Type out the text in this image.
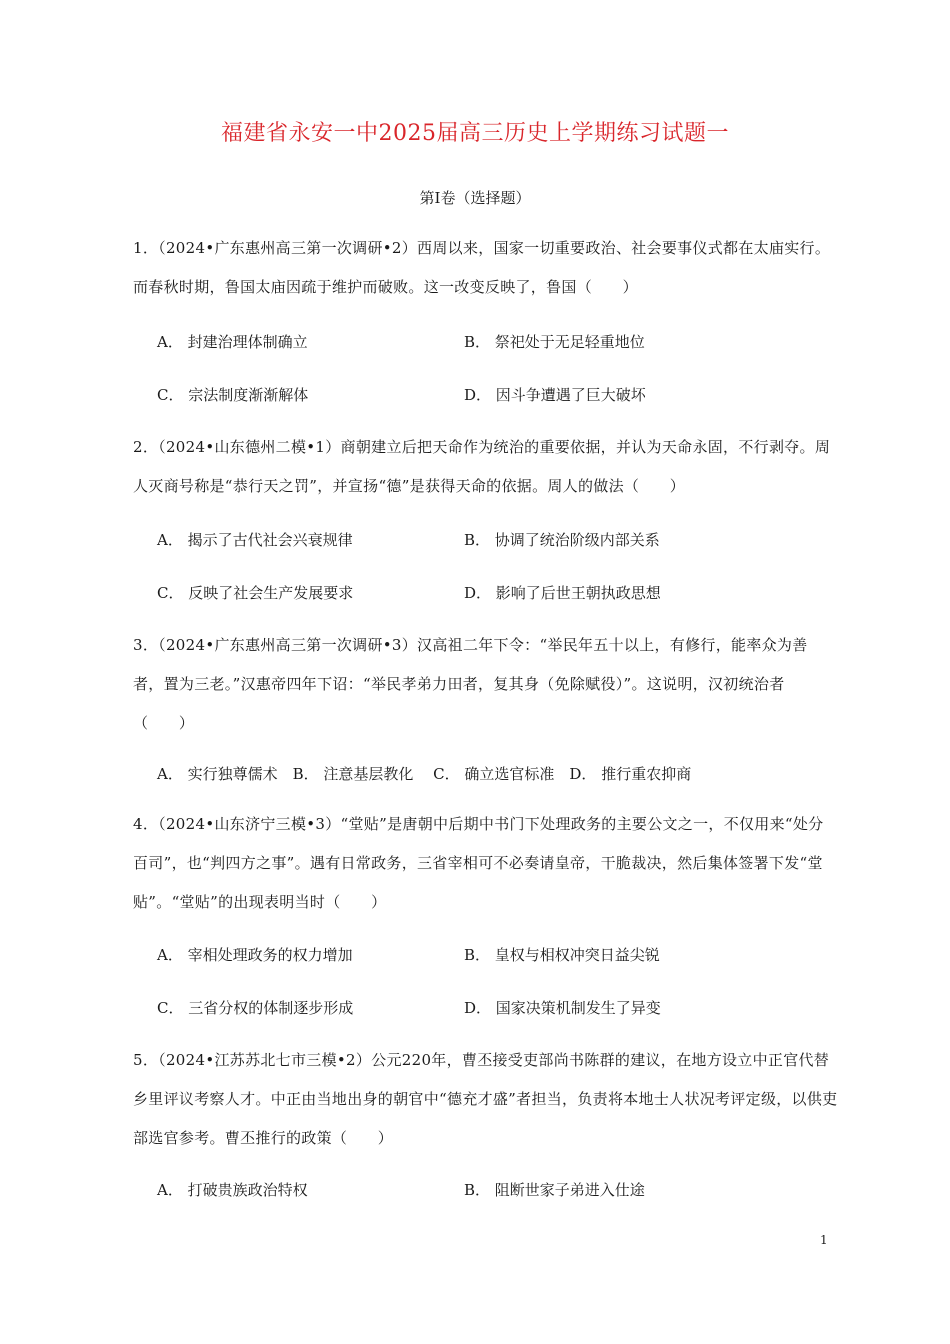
福建省永安一中2025届高三历史上学期练习试题一
第Ⅰ卷（选择题）
1．（2024•广东惠州高三第一次调研•2）西周以来，国家一切重要政治、社会要事仪式都在太庙实行。而春秋时期，鲁国太庙因疏于维护而破败。这一改变反映了，鲁国（　　）
A． 封建治理体制确立	B． 祭祀处于无足轻重地位
C． 宗法制度渐渐解体	D． 因斗争遭遇了巨大破坏
2．（2024•山东德州二模•1）商朝建立后把天命作为统治的重要依据，并认为天命永固，不行剥夺。周人灭商号称是“恭行天之罚”，并宣扬“德”是获得天命的依据。周人的做法（　　）
A． 揭示了古代社会兴衰规律	B． 协调了统治阶级内部关系
C． 反映了社会生产发展要求	D． 影响了后世王朝执政思想
3．（2024•广东惠州高三第一次调研•3）汉高祖二年下令：“举民年五十以上，有修行，能率众为善者，置为三老。”汉惠帝四年下诏：“举民孝弟力田者，复其身（免除赋役）”。这说明，汉初统治者（　　）
A． 实行独尊儒术　B． 注意基层教化　 C． 确立选官标准　D． 推行重农抑商
4．（2024•山东济宁三模•3）“堂贴”是唐朝中后期中书门下处理政务的主要公文之一，不仅用来“处分百司”，也“判四方之事”。遇有日常政务，三省宰相可不必奏请皇帝，干脆裁决，然后集体签署下发“堂贴”。“堂贴”的出现表明当时（　　）
A． 宰相处理政务的权力增加	B． 皇权与相权冲突日益尖锐
C． 三省分权的体制逐步形成	D． 国家决策机制发生了异变
5．（2024•江苏苏北七市三模•2）公元220年，曹丕接受吏部尚书陈群的建议，在地方设立中正官代替乡里评议考察人才。中正由当地出身的朝官中“德充才盛”者担当，负责将本地士人状况考评定级，以供吏部选官参考。曹丕推行的政策（　　）
A． 打破贵族政治特权	B． 阻断世家子弟进入仕途
1
